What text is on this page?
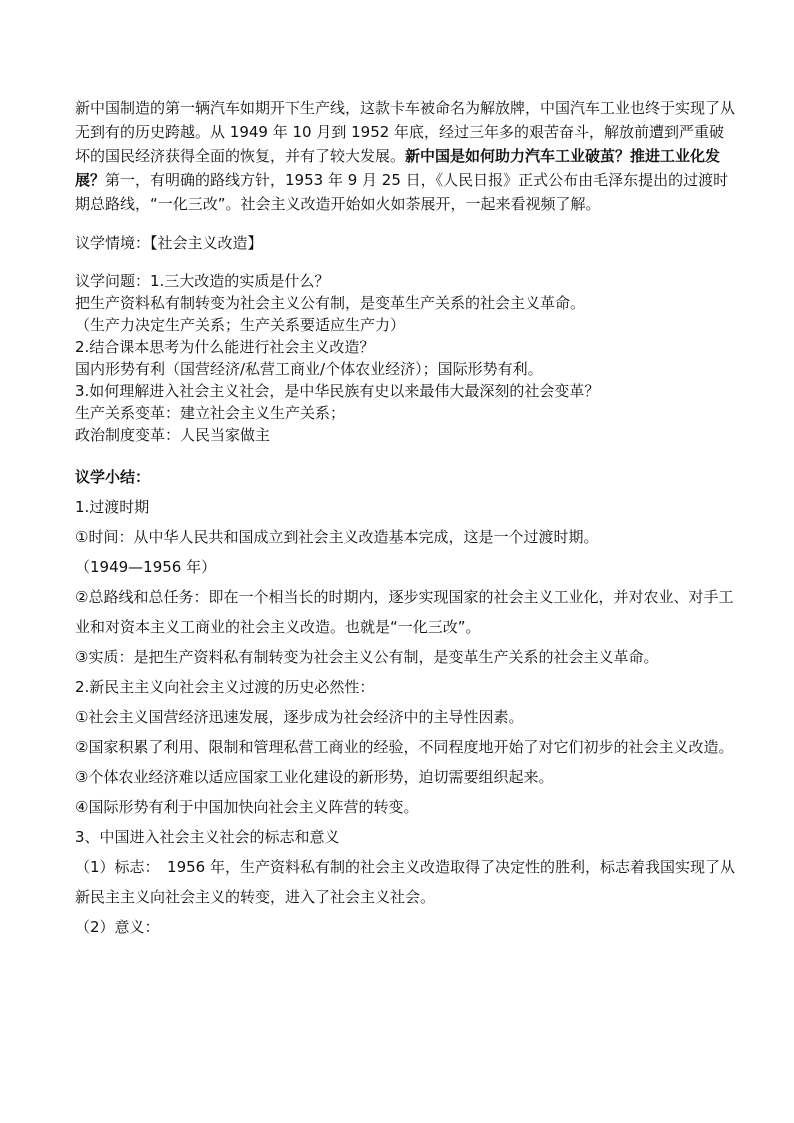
新中国制造的第一辆汽车如期开下生产线，这款卡车被命名为解放牌，中国汽车工业也终于实现了从无到有的历史跨越。从 1949 年 10 月到 1952 年底，经过三年多的艰苦奋斗，解放前遭到严重破坏的国民经济获得全面的恢复，并有了较大发展。新中国是如何助力汽车工业破茧？推进工业化发展？第一，有明确的路线方针，1953 年 9 月 25 日，《人民日报》正式公布由毛泽东提出的过渡时期总路线，“一化三改”。社会主义改造开始如火如荼展开，一起来看视频了解。

议学情境：【社会主义改造】

议学问题：1.三大改造的实质是什么？

把生产资料私有制转变为社会主义公有制，是变革生产关系的社会主义革命。

（生产力决定生产关系；生产关系要适应生产力）

2.结合课本思考为什么能进行社会主义改造？

国内形势有利（国营经济/私营工商业/个体农业经济）；国际形势有利。

3.如何理解进入社会主义社会，是中华民族有史以来最伟大最深刻的社会变革？

生产关系变革：建立社会主义生产关系；

政治制度变革：人民当家做主

议学小结：

1.过渡时期

①时间：从中华人民共和国成立到社会主义改造基本完成，这是一个过渡时期。

（1949—1956 年）

②总路线和总任务：即在一个相当长的时期内，逐步实现国家的社会主义工业化，并对农业、对手工业和对资本主义工商业的社会主义改造。也就是“一化三改”。

③实质：是把生产资料私有制转变为社会主义公有制，是变革生产关系的社会主义革命。

2.新民主主义向社会主义过渡的历史必然性：

①社会主义国营经济迅速发展，逐步成为社会经济中的主导性因素。

②国家积累了利用、限制和管理私营工商业的经验，不同程度地开始了对它们初步的社会主义改造。

③个体农业经济难以适应国家工业化建设的新形势，迫切需要组织起来。

④国际形势有利于中国加快向社会主义阵营的转变。

3、中国进入社会主义社会的标志和意义

（1）标志：　1956 年，生产资料私有制的社会主义改造取得了决定性的胜利，标志着我国实现了从新民主主义向社会主义的转变，进入了社会主义社会。

（2）意义：
